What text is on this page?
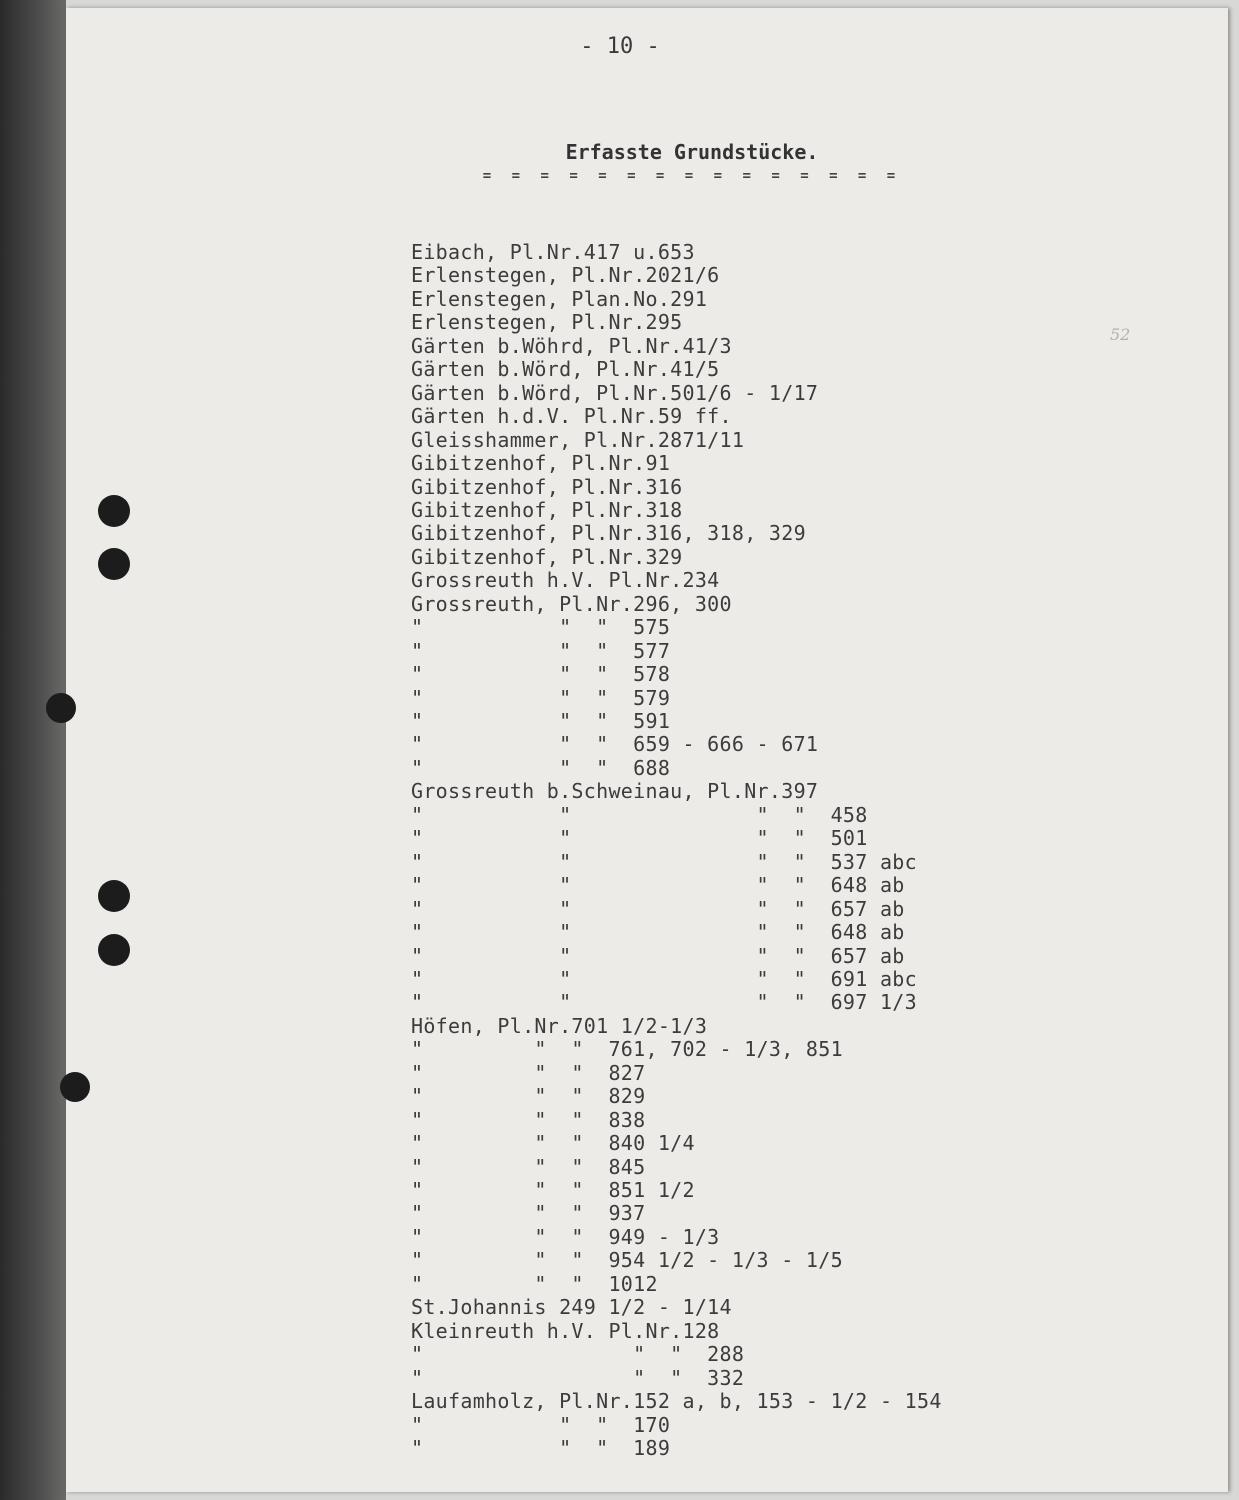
- 10 -
Erfasste Grundstücke.
= = = = = = = = = = = = = = =
52
Eibach, Pl.Nr.417 u.653
Erlenstegen, Pl.Nr.2021/6
Erlenstegen, Plan.No.291
Erlenstegen, Pl.Nr.295
Gärten b.Wöhrd, Pl.Nr.41/3
Gärten b.Wörd, Pl.Nr.41/5
Gärten b.Wörd, Pl.Nr.501/6 - 1/17
Gärten h.d.V. Pl.Nr.59 ff.
Gleisshammer, Pl.Nr.2871/11
Gibitzenhof, Pl.Nr.91
Gibitzenhof, Pl.Nr.316
Gibitzenhof, Pl.Nr.318
Gibitzenhof, Pl.Nr.316, 318, 329
Gibitzenhof, Pl.Nr.329
Grossreuth h.V. Pl.Nr.234
Grossreuth, Pl.Nr.296, 300
"           "  "  575
"           "  "  577
"           "  "  578
"           "  "  579
"           "  "  591
"           "  "  659 - 666 - 671
"           "  "  688
Grossreuth b.Schweinau, Pl.Nr.397
"           "               "  "  458
"           "               "  "  501
"           "               "  "  537 abc
"           "               "  "  648 ab
"           "               "  "  657 ab
"           "               "  "  648 ab
"           "               "  "  657 ab
"           "               "  "  691 abc
"           "               "  "  697 1/3
Höfen, Pl.Nr.701 1/2-1/3
"         "  "  761, 702 - 1/3, 851
"         "  "  827
"         "  "  829
"         "  "  838
"         "  "  840 1/4
"         "  "  845
"         "  "  851 1/2
"         "  "  937
"         "  "  949 - 1/3
"         "  "  954 1/2 - 1/3 - 1/5
"         "  "  1012
St.Johannis 249 1/2 - 1/14
Kleinreuth h.V. Pl.Nr.128
"                 "  "  288
"                 "  "  332
Laufamholz, Pl.Nr.152 a, b, 153 - 1/2 - 154
"           "  "  170
"           "  "  189
